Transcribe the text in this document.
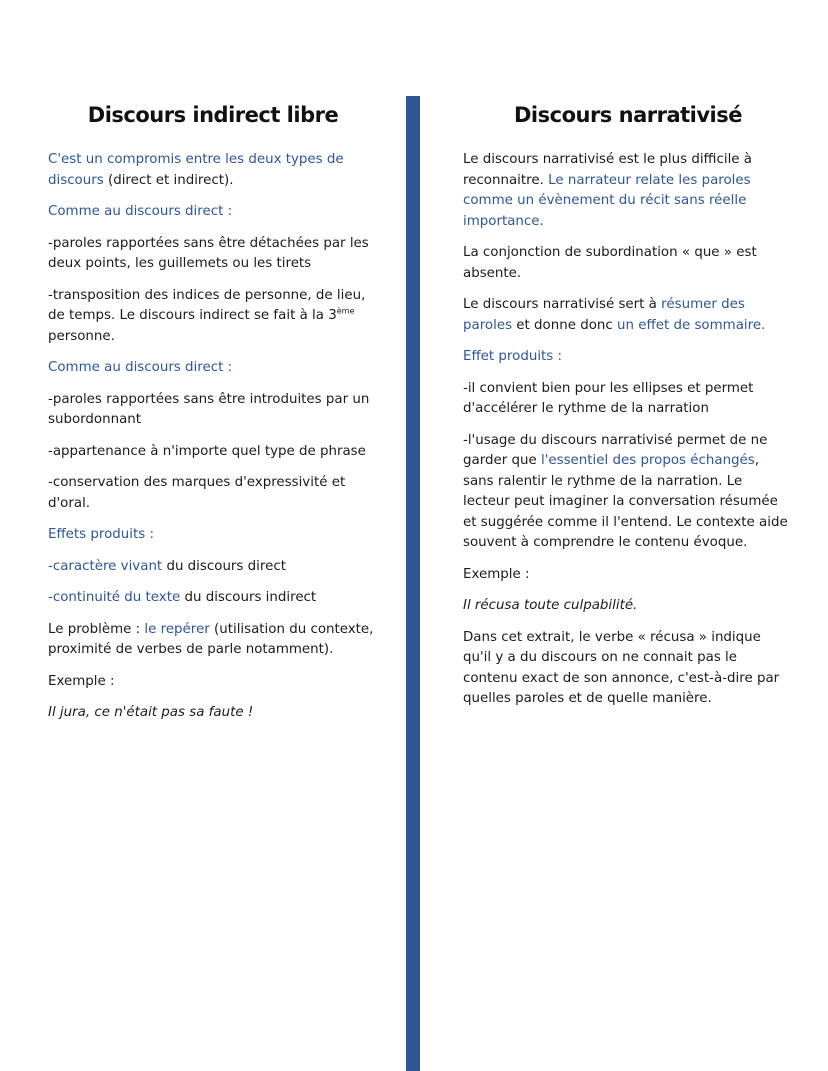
Discours indirect libre

C'est un compromis entre les deux types de discours (direct et indirect).

Comme au discours direct :

-paroles rapportées sans être détachées par les deux points, les guillemets ou les tirets

-transposition des indices de personne, de lieu, de temps. Le discours indirect se fait à la 3ème personne.

Comme au discours direct :

-paroles rapportées sans être introduites par un subordonnant

-appartenance à n'importe quel type de phrase

-conservation des marques d'expressivité et d'oral.

Effets produits :

-caractère vivant du discours direct

-continuité du texte du discours indirect

Le problème : le repérer (utilisation du contexte, proximité de verbes de parle notamment).

Exemple :

Il jura, ce n'était pas sa faute !

Discours narrativisé

Le discours narrativisé est le plus difficile à reconnaitre. Le narrateur relate les paroles comme un évènement du récit sans réelle importance.

La conjonction de subordination « que » est absente.

Le discours narrativisé sert à résumer des paroles et donne donc un effet de sommaire.

Effet produits :

-il convient bien pour les ellipses et permet d'accélérer le rythme de la narration

-l'usage du discours narrativisé permet de ne garder que l'essentiel des propos échangés, sans ralentir le rythme de la narration. Le lecteur peut imaginer la conversation résumée et suggérée comme il l'entend. Le contexte aide souvent à comprendre le contenu évoque.

Exemple :

Il récusa toute culpabilité.

Dans cet extrait, le verbe « récusa » indique qu'il y a du discours on ne connait pas le contenu exact de son annonce, c'est-à-dire par quelles paroles et de quelle manière.
